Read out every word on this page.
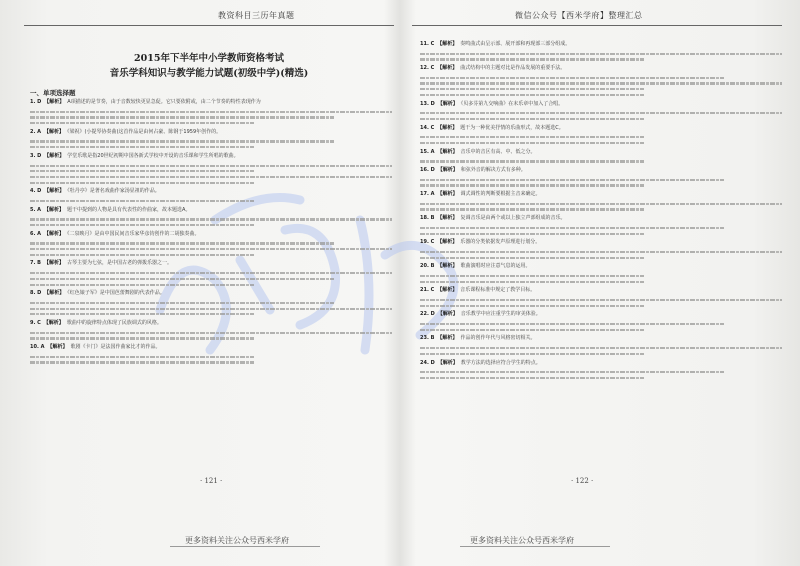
教资科目三历年真题	微信公众号【西米学府】整理汇总
2015年下半年中小学教师资格考试
音乐学科知识与教学能力试题(初级中学)(精选)
一、单项选择题
1. D 【解析】 A项描述的是节奏，由于音数较快更显急促。它只要依附或，由二个节奏的特性表现作为
2. A 【解析】 《梁祝》(小提琴协奏曲)这首作品是由何占豪、陈钢于1959年创作的。
3. D 【解析】 学堂乐歌是指20世纪初期中国各新式学校中开设的音乐课和学生所唱的歌曲。
4. D 【解析】 《牡丹亭》是著名戏曲作家汤显祖的作品。
5. A 【解析】 题干中提到的人物是具有代表性的作曲家，故本题选A。
6. A 【解析】 《二泉映月》是由中国民间音乐家华彦钧创作的二胡独奏曲。
7. B 【解析】 古琴主要为七弦，是中国古老的弹拨乐器之一。
8. D 【解析】 《红色娘子军》是中国芭蕾舞剧的代表作品。
9. C 【解析】 歌曲中的旋律特点体现了民族调式的风格。
10. A 【解析】 歌剧《卡门》是法国作曲家比才的作品。
11. C 【解析】 奏鸣曲式由呈示部、展开部和再现部三部分组成。
12. C 【解析】 曲式结构中的主题对比是作品发展的重要手法。
13. D 【解析】 《贝多芬第九交响曲》在末乐章中加入了合唱。
14. C 【解析】 题干为一种优美抒情的乐曲形式，故本题选C。
15. A 【解析】 音乐中的音区有高、中、低之分。
16. D 【解析】 和弦外音的解决方式有多种。
17. A 【解析】 调式调性的判断要根据主音来确定。
18. B 【解析】 复调音乐是由两个或以上独立声部组成的音乐。
19. C 【解析】 乐器的分类依据发声原理进行划分。
20. B 【解析】 歌曲演唱时应注意气息的运用。
21. C 【解析】 音乐课程标准中规定了教学目标。
22. D 【解析】 音乐教学中应注重学生的审美体验。
23. B 【解析】 作品的创作年代与风格密切相关。
24. D 【解析】 教学方法的选择应符合学生的特点。
· 121 ·	· 122 ·
更多资料关注公众号西米学府	更多资料关注公众号西米学府
